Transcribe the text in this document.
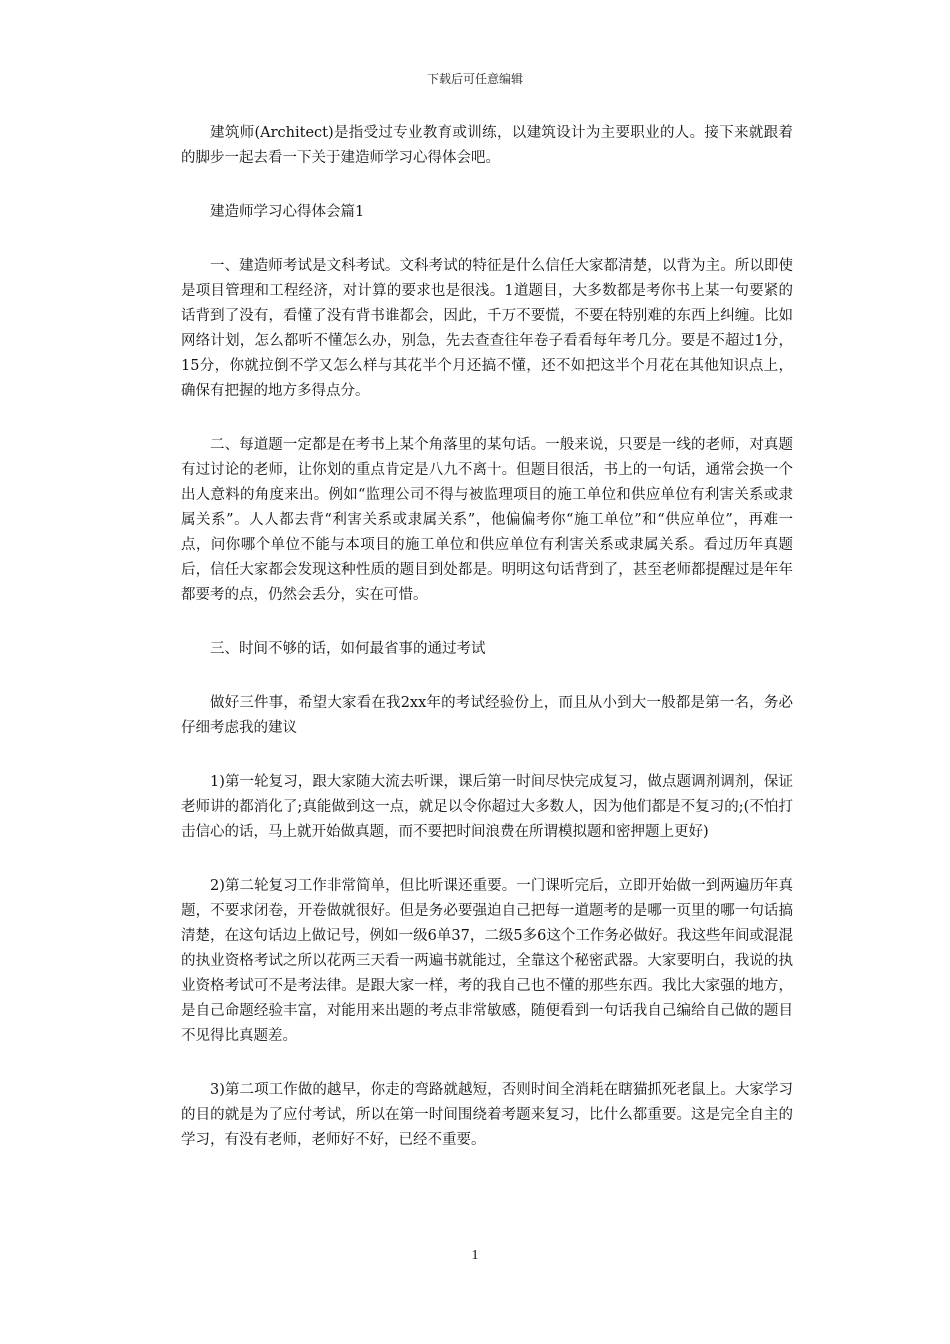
下载后可任意编辑

建筑师(Architect)是指受过专业教育或训练，以建筑设计为主要职业的人。接下来就跟着的脚步一起去看一下关于建造师学习心得体会吧。

建造师学习心得体会篇1

一、建造师考试是文科考试。文科考试的特征是什么信任大家都清楚，以背为主。所以即使是项目管理和工程经济，对计算的要求也是很浅。1道题目，大多数都是考你书上某一句要紧的话背到了没有，看懂了没有背书谁都会，因此，千万不要慌，不要在特别难的东西上纠缠。比如网络计划，怎么都听不懂怎么办，别急，先去查查往年卷子看看每年考几分。要是不超过1分，15分，你就拉倒不学又怎么样与其花半个月还搞不懂，还不如把这半个月花在其他知识点上，确保有把握的地方多得点分。

二、每道题一定都是在考书上某个角落里的某句话。一般来说，只要是一线的老师，对真题有过讨论的老师，让你划的重点肯定是八九不离十。但题目很活，书上的一句话，通常会换一个出人意料的角度来出。例如“监理公司不得与被监理项目的施工单位和供应单位有利害关系或隶属关系”。人人都去背“利害关系或隶属关系”，他偏偏考你“施工单位”和“供应单位”，再难一点，问你哪个单位不能与本项目的施工单位和供应单位有利害关系或隶属关系。看过历年真题后，信任大家都会发现这种性质的题目到处都是。明明这句话背到了，甚至老师都提醒过是年年都要考的点，仍然会丢分，实在可惜。

三、时间不够的话，如何最省事的通过考试

做好三件事，希望大家看在我2xx年的考试经验份上，而且从小到大一般都是第一名，务必仔细考虑我的建议

1)第一轮复习，跟大家随大流去听课，课后第一时间尽快完成复习，做点题调剂调剂，保证老师讲的都消化了;真能做到这一点，就足以令你超过大多数人，因为他们都是不复习的;(不怕打击信心的话，马上就开始做真题，而不要把时间浪费在所谓模拟题和密押题上更好)

2)第二轮复习工作非常简单，但比听课还重要。一门课听完后，立即开始做一到两遍历年真题，不要求闭卷，开卷做就很好。但是务必要强迫自己把每一道题考的是哪一页里的哪一句话搞清楚，在这句话边上做记号，例如一级6单37，二级5多6这个工作务必做好。我这些年间或混混的执业资格考试之所以花两三天看一两遍书就能过，全靠这个秘密武器。大家要明白，我说的执业资格考试可不是考法律。是跟大家一样，考的我自己也不懂的那些东西。我比大家强的地方，是自己命题经验丰富，对能用来出题的考点非常敏感，随便看到一句话我自己编给自己做的题目不见得比真题差。

3)第二项工作做的越早，你走的弯路就越短，否则时间全消耗在瞎猫抓死老鼠上。大家学习的目的就是为了应付考试，所以在第一时间围绕着考题来复习，比什么都重要。这是完全自主的学习，有没有老师，老师好不好，已经不重要。

1
